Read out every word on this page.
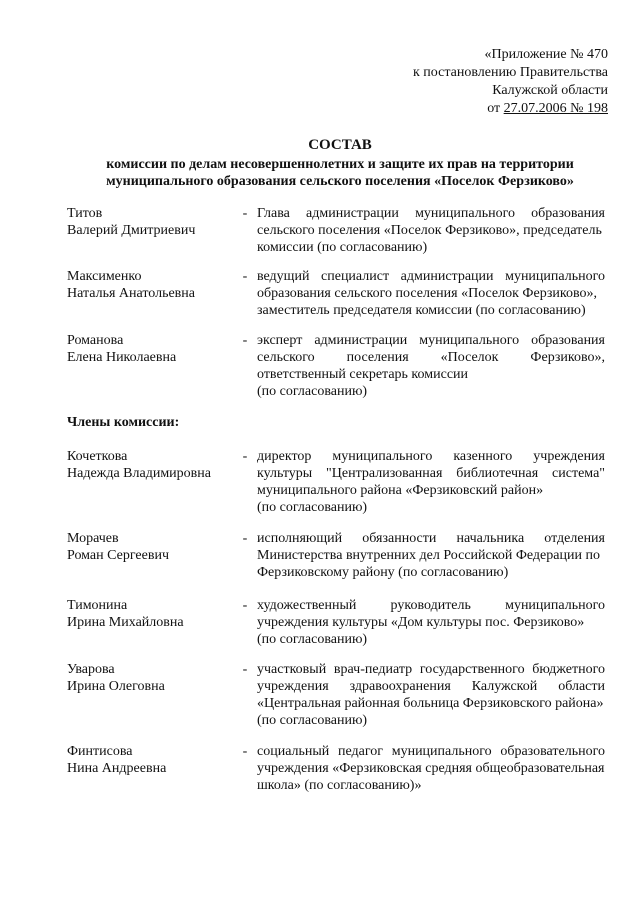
«Приложение № 470
к постановлению Правительства
Калужской области
от 27.07.2006 № 198
СОСТАВ
комиссии по делам несовершеннолетних и защите их прав на территории
муниципального образования сельского поселения «Поселок Ферзиково»
Титов
Валерий Дмитриевич
- Глава администрации муниципального образования сельского поселения «Поселок Ферзиково», председатель
комиссии (по согласованию)
Максименко
Наталья Анатольевна
- ведущий специалист администрации муниципального образования сельского поселения «Поселок Ферзиково»,
заместитель председателя комиссии (по согласованию)
Романова
Елена Николаевна
- эксперт администрации муниципального образования сельского поселения «Поселок Ферзиково», ответственный секретарь комиссии
(по согласованию)
Члены комиссии:
Кочеткова
Надежда Владимировна
- директор муниципального казенного учреждения культуры "Централизованная библиотечная система" муниципального района «Ферзиковский район»
(по согласованию)
Морачев
Роман Сергеевич
- исполняющий обязанности начальника отделения Министерства внутренних дел Российской Федерации по
Ферзиковскому району (по согласованию)
Тимонина
Ирина Михайловна
- художественный руководитель муниципального учреждения культуры «Дом культуры пос. Ферзиково»
(по согласованию)
Уварова
Ирина Олеговна
- участковый врач-педиатр государственного бюджетного учреждения здравоохранения Калужской области «Центральная районная больница Ферзиковского района»
(по согласованию)
Финтисова
Нина Андреевна
- социальный педагог муниципального образовательного учреждения «Ферзиковская средняя общеобразовательная
школа» (по согласованию)»
